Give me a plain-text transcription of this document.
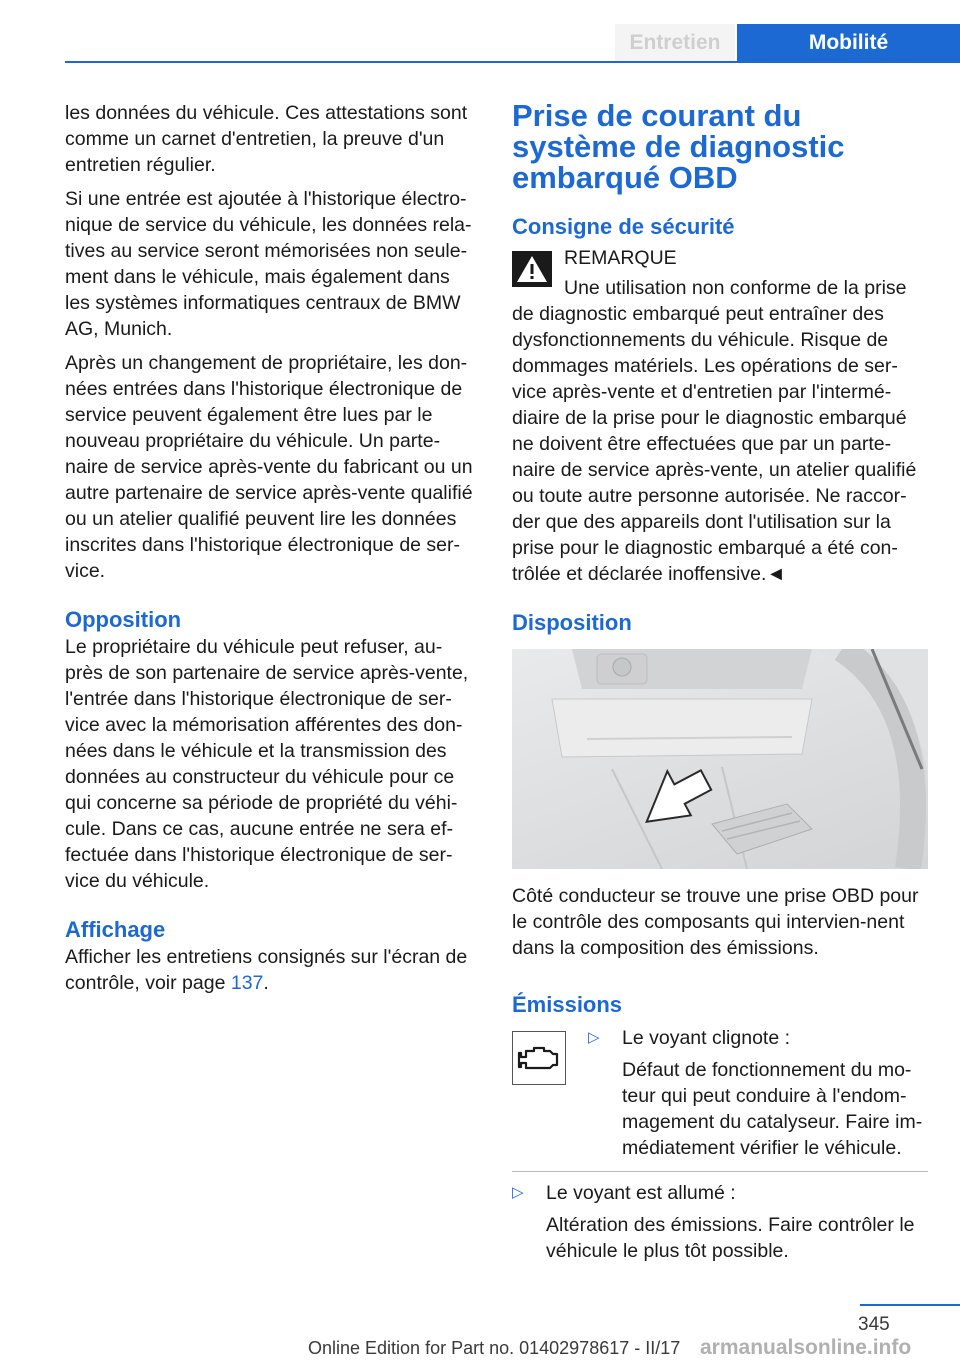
Entretien	Mobilité

les données du véhicule. Ces attestations sont comme un carnet d'entretien, la preuve d'un entretien régulier.

Si une entrée est ajoutée à l'historique électro‐nique de service du véhicule, les données rela‐tives au service seront mémorisées non seule‐ment dans le véhicule, mais également dans les systèmes informatiques centraux de BMW AG, Munich.

Après un changement de propriétaire, les don‐nées entrées dans l'historique électronique de service peuvent également être lues par le nouveau propriétaire du véhicule. Un parte‐naire de service après-vente du fabricant ou un autre partenaire de service après-vente qualifié ou un atelier qualifié peuvent lire les données inscrites dans l'historique électronique de ser‐vice.

Opposition

Le propriétaire du véhicule peut refuser, au‐près de son partenaire de service après-vente, l'entrée dans l'historique électronique de ser‐vice avec la mémorisation afférentes des don‐nées dans le véhicule et la transmission des données au constructeur du véhicule pour ce qui concerne sa période de propriété du véhi‐cule. Dans ce cas, aucune entrée ne sera ef‐fectuée dans l'historique électronique de ser‐vice du véhicule.

Affichage

Afficher les entretiens consignés sur l'écran de contrôle, voir page 137.

Prise de courant du système de diagnostic embarqué OBD
Consigne de sécurité

REMARQUE

Une utilisation non conforme de la prise de diagnostic embarqué peut entraîner des dysfonctionnements du véhicule. Risque de dommages matériels. Les opérations de ser‐vice après-vente et d'entretien par l'intermé‐diaire de la prise pour le diagnostic embarqué ne doivent être effectuées que par un parte‐naire de service après-vente, un atelier qualifié ou toute autre personne autorisée. Ne raccor‐der que des appareils dont l'utilisation sur la prise pour le diagnostic embarqué a été con‐trôlée et déclarée inoffensive.◄

Disposition

Côté conducteur se trouve une prise OBD pour le contrôle des composants qui intervien‐nent dans la composition des émissions.

Émissions
▷	Le voyant clignote :

Défaut de fonctionnement du mo‐teur qui peut conduire à l'endom‐magement du catalyseur. Faire im‐médiatement vérifier le véhicule.

▷	Le voyant est allumé :

Altération des émissions. Faire contrôler le véhicule le plus tôt possible.

345
Online Edition for Part no. 01402978617 - II/17 armanualsonline.info
